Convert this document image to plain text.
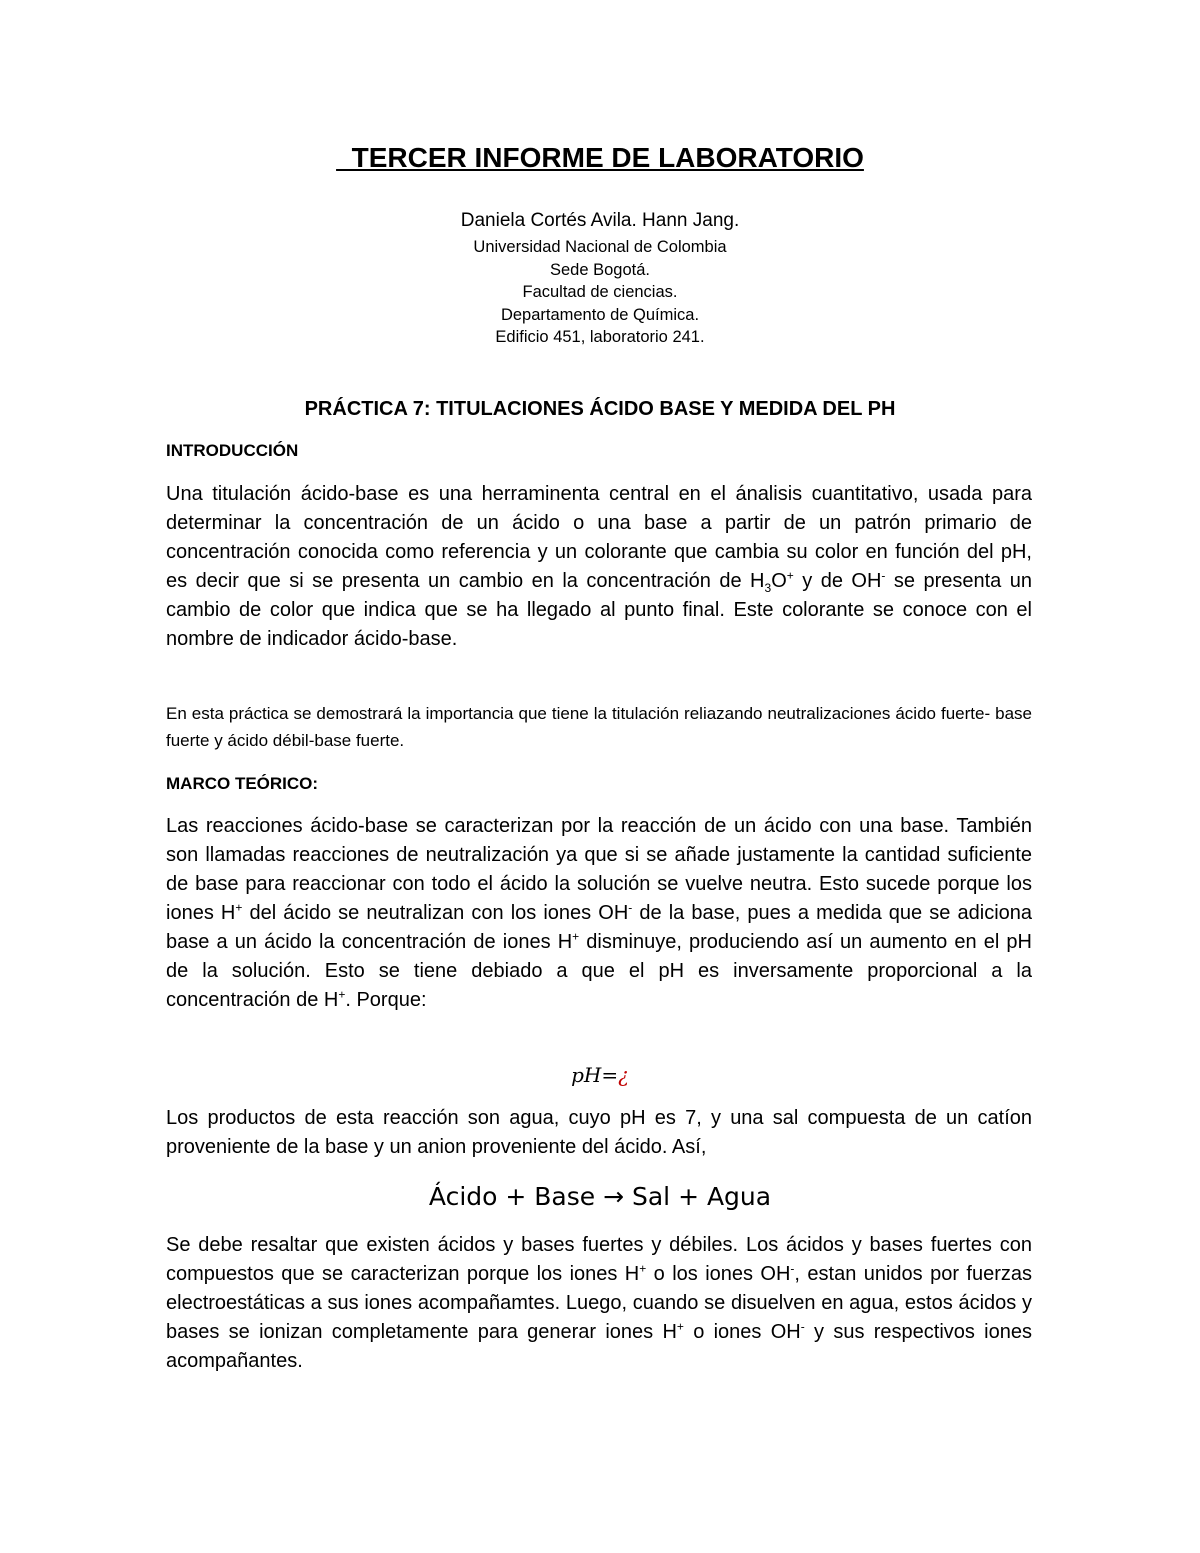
TERCER INFORME DE LABORATORIO
Daniela Cortés Avila. Hann Jang.
Universidad Nacional de Colombia
Sede Bogotá.
Facultad de ciencias.
Departamento de Química.
Edificio 451, laboratorio 241.
PRÁCTICA 7: TITULACIONES ÁCIDO BASE Y MEDIDA DEL PH
INTRODUCCIÓN

Una titulación ácido-base es una herraminenta central en el ánalisis cuantitativo, usada para determinar la concentración de un ácido o una base a partir de un patrón primario de concentración conocida como referencia y un colorante que cambia su color en función del pH, es decir que si se presenta un cambio en la concentración de $H_3O^+$ y de OH- se presenta un cambio de color que indica que se ha llegado al punto final. Este colorante se conoce con el nombre de indicador ácido-base.

En esta práctica se demostrará la importancia que tiene la titulación reliazando neutralizaciones ácido fuerte- base fuerte y ácido débil-base fuerte.

MARCO TEÓRICO:

Las reacciones ácido-base se caracterizan por la reacción de un ácido con una base. También son llamadas reacciones de neutralización ya que si se añade justamente la cantidad suficiente de base para reaccionar con todo el ácido la solución se vuelve neutra. Esto sucede porque los iones H+ del ácido se neutralizan con los iones OH- de la base, pues a medida que se adiciona base a un ácido la concentración de iones H+ disminuye, produciendo así un aumento en el pH de la solución. Esto se tiene debiado a que el pH es inversamente proporcional a la concentración de H+. Porque:

pH=¿

Los productos de esta reacción son agua, cuyo pH es 7, y una sal compuesta de un catíon proveniente de la base y un anion proveniente del ácido. Así,

Ácido + Base → Sal + Agua

Se debe resaltar que existen ácidos y bases fuertes y débiles. Los ácidos y bases fuertes con compuestos que se caracterizan porque los iones H+ o los iones OH-, estan unidos por fuerzas electroestáticas a sus iones acompañamtes. Luego, cuando se disuelven en agua, estos ácidos y bases se ionizan completamente para generar iones H+ o iones OH- y sus respectivos iones acompañantes.
